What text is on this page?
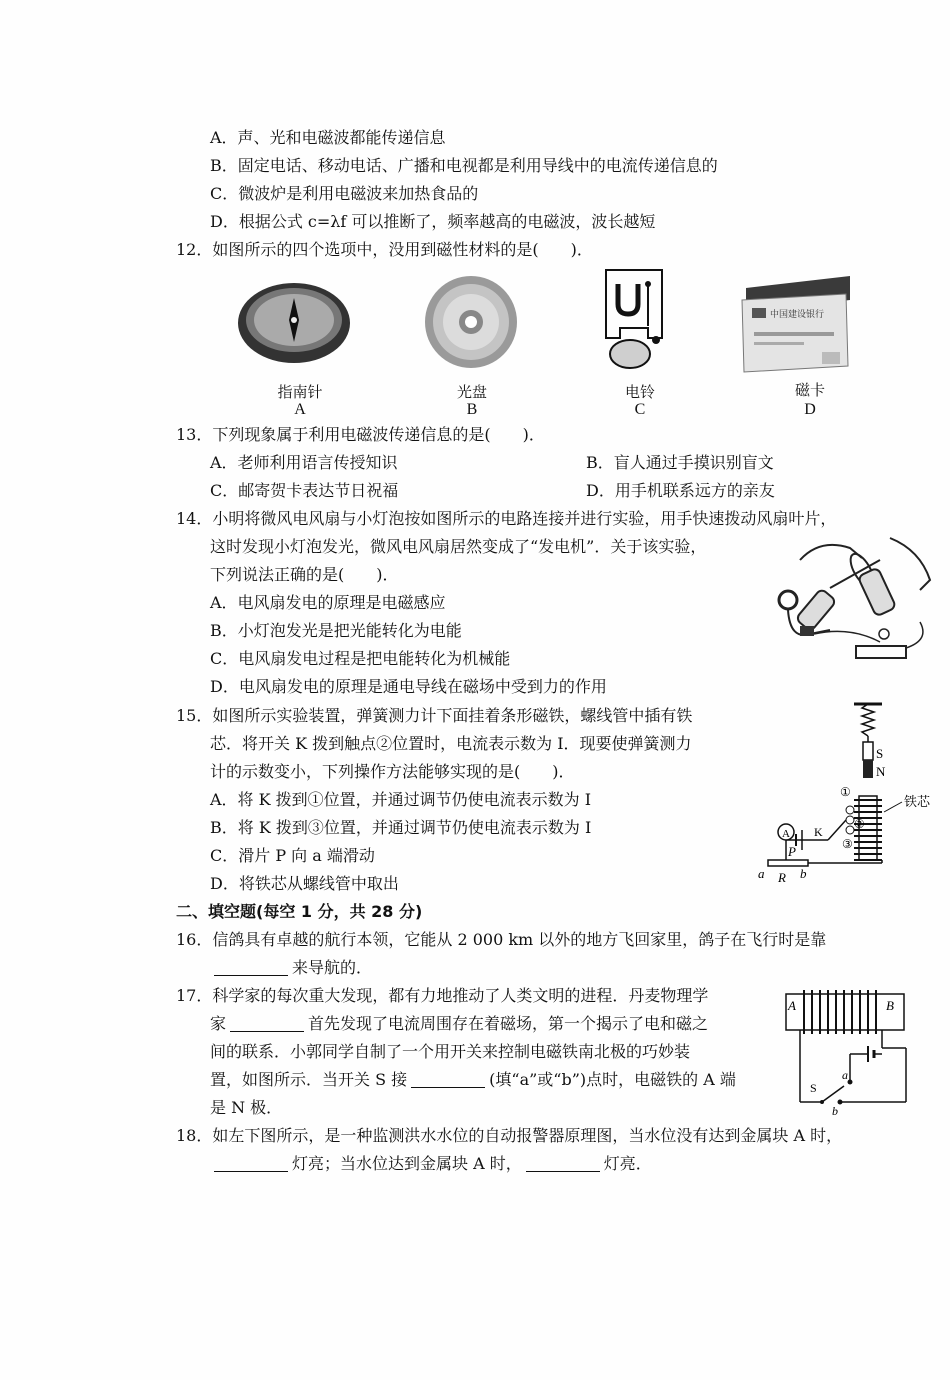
A．声、光和电磁波都能传递信息
B．固定电话、移动电话、广播和电视都是利用导线中的电流传递信息的
C．微波炉是利用电磁波来加热食品的
D．根据公式 c=λf 可以推断了，频率越高的电磁波，波长越短
12．如图所示的四个选项中，没用到磁性材料的是(　　)．
中国建设银行
指南针
A
光盘
B
电铃
C
磁卡
D
13．下列现象属于利用电磁波传递信息的是(　　)．
A．老师利用语言传授知识	B．盲人通过手摸识别盲文
C．邮寄贺卡表达节日祝福	D．用手机联系远方的亲友
14．小明将微风电风扇与小灯泡按如图所示的电路连接并进行实验，用手快速拨动风扇叶片，
这时发现小灯泡发光，微风电风扇居然变成了“发电机”．关于该实验，
下列说法正确的是(　　)．
A．电风扇发电的原理是电磁感应
B．小灯泡发光是把光能转化为电能
C．电风扇发电过程是把电能转化为机械能
D．电风扇发电的原理是通电导线在磁场中受到力的作用
15．如图所示实验装置，弹簧测力计下面挂着条形磁铁，螺线管中插有铁
芯．将开关 K 拨到触点②位置时，电流表示数为 I．现要使弹簧测力
计的示数变小，下列操作方法能够实现的是(　　)．
A．将 K 拨到①位置，并通过调节仍使电流表示数为 I
B．将 K 拨到③位置，并通过调节仍使电流表示数为 I
C．滑片 P 向 a 端滑动
D．将铁芯从螺线管中取出
S
N
铁芯
①
②
③
K
A
P
a R b
二、填空题(每空 1 分，共 28 分)
16．信鸽具有卓越的航行本领，它能从 2 000 km 以外的地方飞回家里，鸽子在飞行时是靠
来导航的．
17．科学家的每次重大发现，都有力地推动了人类文明的进程．丹麦物理学
家	首先发现了电流周围存在着磁场，第一个揭示了电和磁之
间的联系．小郭同学自制了一个用开关来控制电磁铁南北极的巧妙装
置，如图所示．当开关 S 接	(填“a”或“b”)点时，电磁铁的 A 端
是 N 极．
A	B
a
S
b
18．如左下图所示，是一种监测洪水水位的自动报警器原理图，当水位没有达到金属块 A 时，
灯亮；当水位达到金属块 A 时，	灯亮．
